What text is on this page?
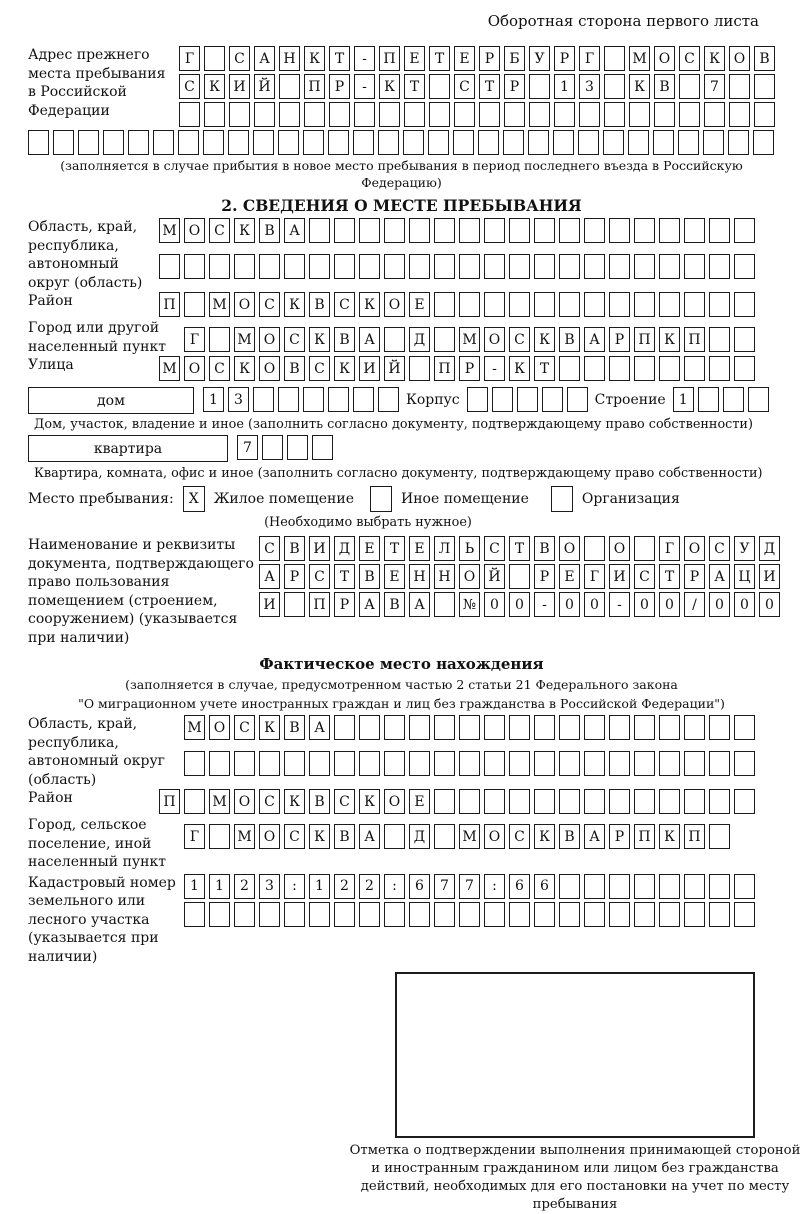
Оборотная сторона первого листа
Адрес прежнего места пребывания в Российской Федерации
Г	С	А Н К	Т	-	П Е	Т	Е	Р	Б	У	Р	Г	М О С	К О	В
С	К И Й	П	Р	-	К	Т	С	Т	Р	1	3	К	В	7
(заполняется в случае прибытия в новое место пребывания в период последнего въезда в Российскую Федерацию)
2. СВЕДЕНИЯ О МЕСТЕ ПРЕБЫВАНИЯ
Область, край, республика, автономный округ (область)
М О С	К	В	А
Район	П	М О С	К	В	С	К О	Е
Город или другой населенный пункт	Г	М О С	К	В	А	Д	М О С	К	В	А	Р	П К П
Улица	М О С	К О	В	С	К И Й	П	Р	-	К	Т
дом	1	3	Корпус	Строение 1
Дом, участок, владение и иное (заполнить согласно документу, подтверждающему право собственности)
квартира	7
Квартира, комната, офис и иное (заполнить согласно документу, подтверждающему право собственности)
Место пребывания:	X	Жилое помещение	Иное помещение	Организация
(Необходимо выбрать нужное)
Наименование и реквизиты документа, подтверждающего право пользования помещением (строением, сооружением) (указывается при наличии)
С	В И Д	Е	Т	Е	Л	Ь	С	Т	В	О	О	Г	О С	У	Д
А	Р	С	Т	В	Е Н Н О Й	Р	Е	Г	И С	Т	Р	А Ц И
И	П	Р	А	В	А	№ 0	0	-	0	0	-	0	0	/	0	0	0
Фактическое место нахождения
(заполняется в случае, предусмотренном частью 2 статьи 21 Федерального закона
"О миграционном учете иностранных граждан и лиц без гражданства в Российской Федерации")
Область, край, республика, автономный округ (область)
М О С	К	В	А
Район	П	М О С	К	В	С	К О	Е
Город, сельское поселение, иной населенный пункт
Г	М О С	К	В	А	Д	М О С	К	В	А	Р	П К П
Кадастровый номер земельного или лесного участка (указывается при наличии)
1	1	2	3	:	1	2	2	:	6	7	7	:	6	6
Отметка о подтверждении выполнения принимающей стороной и иностранным гражданином или лицом без гражданства действий, необходимых для его постановки на учет по месту пребывания
